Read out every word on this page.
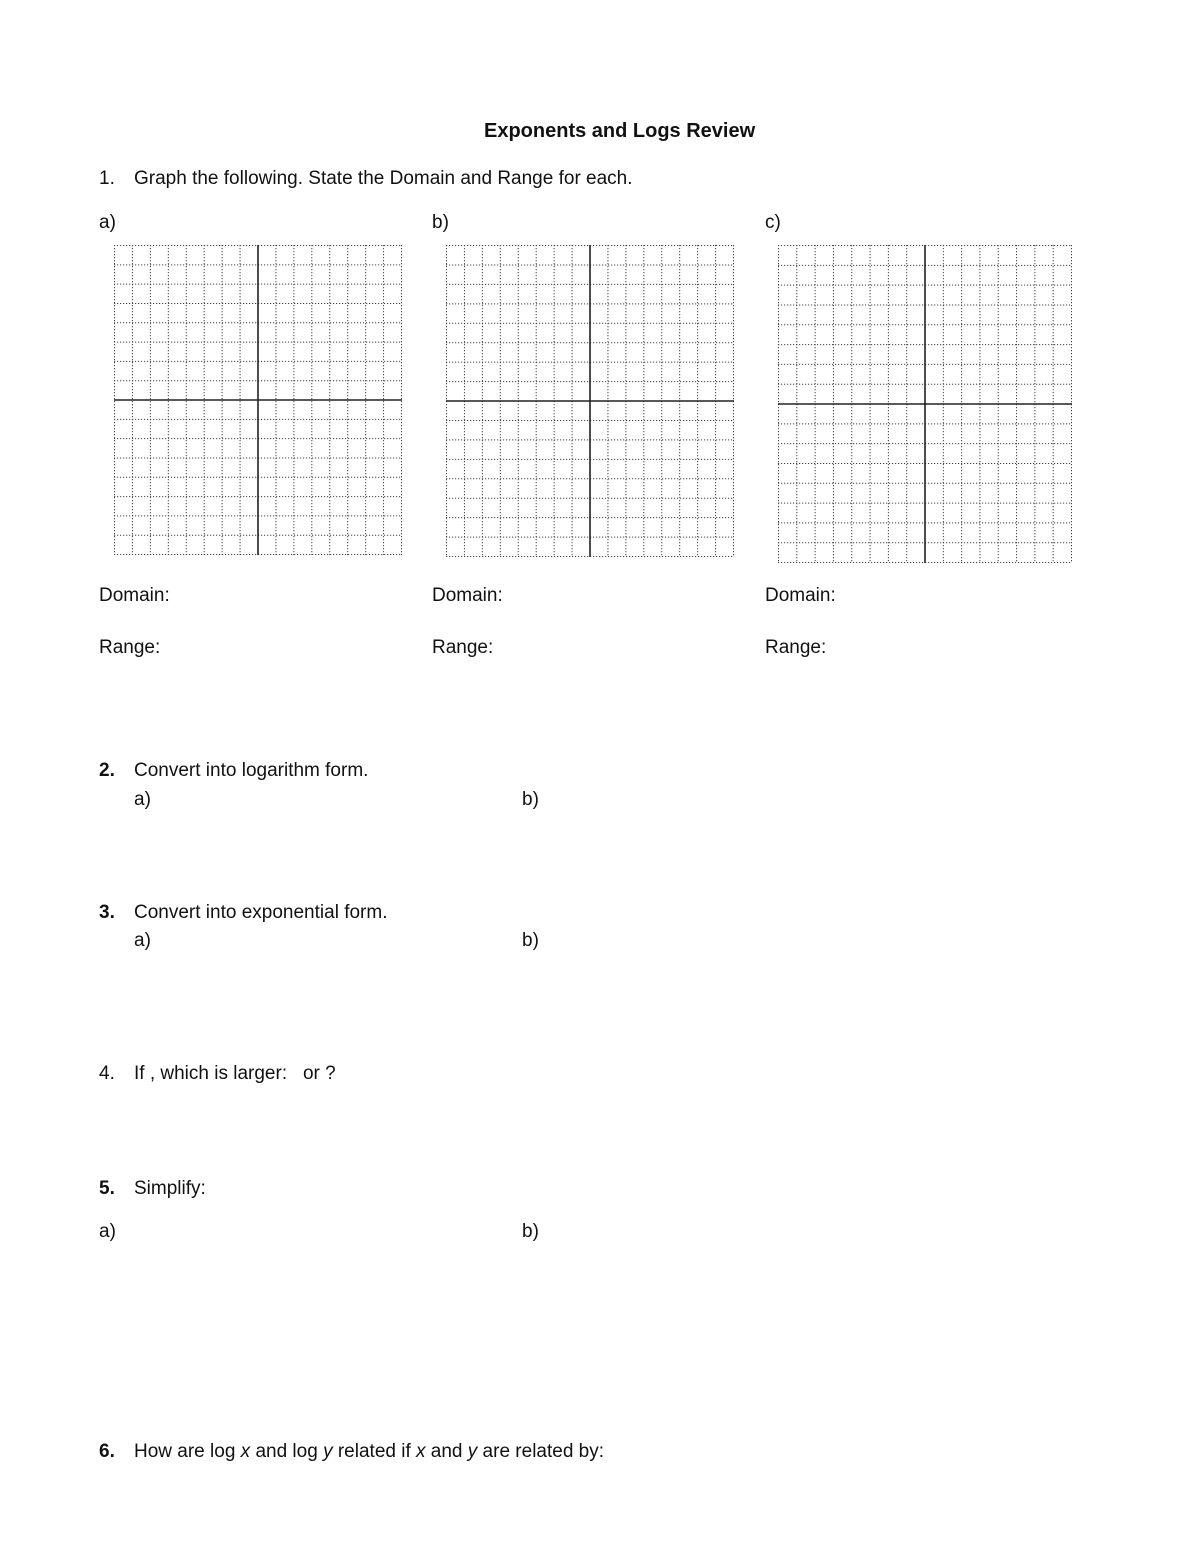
Exponents and Logs Review
1. Graph the following. State the Domain and Range for each.
a)	b)	c)
Domain:	Domain:	Domain:
Range:	Range:	Range:
2. Convert into logarithm form.
a)	b)
3. Convert into exponential form.
a)	b)
4. If , which is larger:   or ?
5. Simplify:
a)	b)
6. How are log x and log y related if x and y are related by:
